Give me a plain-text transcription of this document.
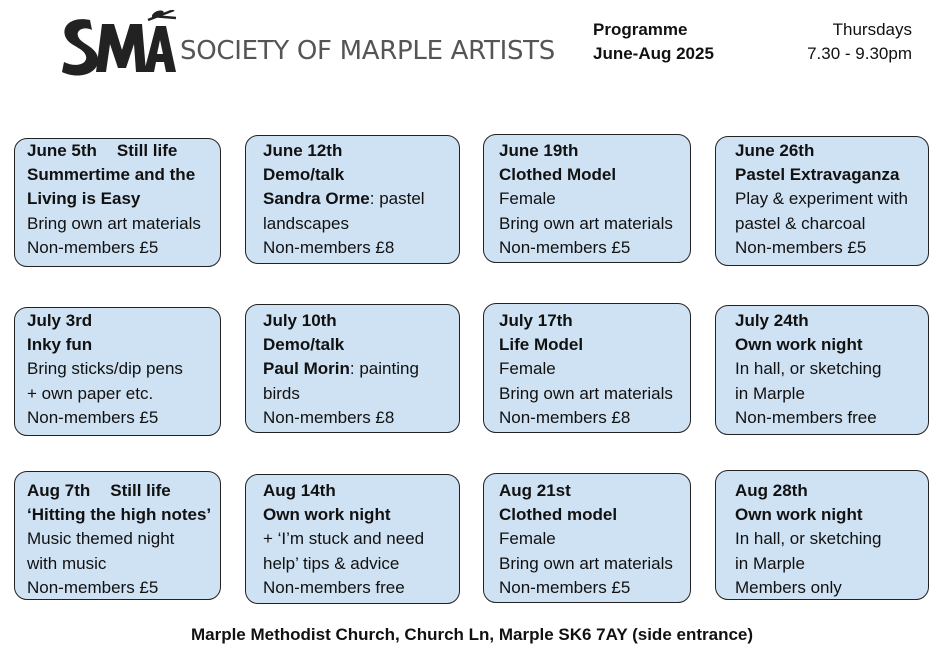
SOCIETY OF MARPLE ARTISTS
Programme
June-Aug 2025
Thursdays
7.30 - 9.30pm
June 5th Still life
Summertime and the
Living is Easy
Bring own art materials
Non-members £5
June 12th
Demo/talk
Sandra Orme: pastel
landscapes
Non-members £8
June 19th
Clothed Model
Female
Bring own art materials
Non-members £5
June 26th
Pastel Extravaganza
Play & experiment with
pastel & charcoal
Non-members £5
July 3rd
Inky fun
Bring sticks/dip pens
+ own paper etc.
Non-members £5
July 10th
Demo/talk
Paul Morin: painting
birds
Non-members £8
July 17th
Life Model
Female
Bring own art materials
Non-members £8
July 24th
Own work night
In hall, or sketching
in Marple
Non-members free
Aug 7th Still life
‘Hitting the high notes’
Music themed night
with music
Non-members £5
Aug 14th
Own work night
+ ‘I’m stuck and need
help’ tips & advice
Non-members free
Aug 21st
Clothed model
Female
Bring own art materials
Non-members £5
Aug 28th
Own work night
In hall, or sketching
in Marple
Members only
Marple Methodist Church, Church Ln, Marple SK6 7AY (side entrance)
